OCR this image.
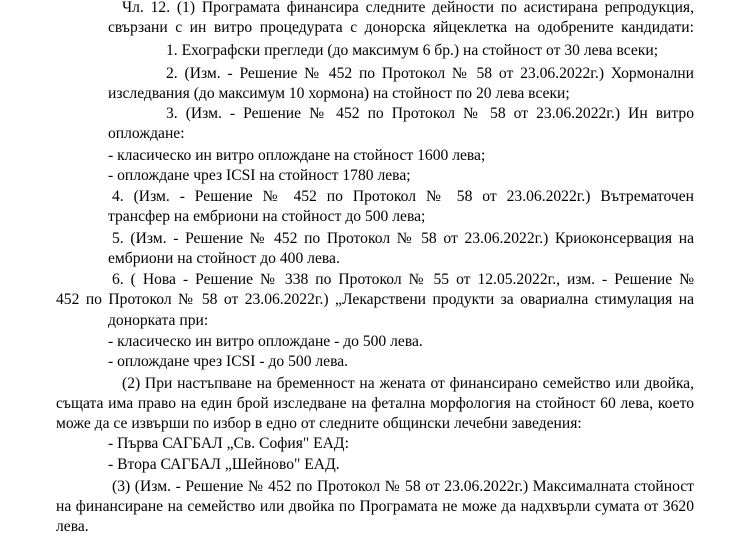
Чл. 12. (1) Програмата финансира следните дейности по асистирана репродукция,
свързани с ин витро процедурата с донорска яйцеклетка на одобрените кандидати:
1. Ехографски прегледи (до максимум 6 бр.) на стойност от 30 лева всеки;
2. (Изм. - Решение № 452 по Протокол № 58 от 23.06.2022г.) Хормонални
изследвания (до максимум 10 хормона) на стойност по 20 лева всеки;
3. (Изм. - Решение № 452 по Протокол № 58 от 23.06.2022г.) Ин витро
оплождане:
- класическо ин витро оплождане на стойност 1600 лева;
- оплождане чрез ICSI на стойност 1780 лева;
4. (Изм. - Решение № 452 по Протокол № 58 от 23.06.2022г.) Вътрематочен
трансфер на ембриони на стойност до 500 лева;
5. (Изм. - Решение № 452 по Протокол № 58 от 23.06.2022г.) Криоконсервация на
ембриони на стойност до 400 лева.
6. ( Нова - Решение № 338 по Протокол № 55 от 12.05.2022г., изм. - Решение №
452 по Протокол № 58 от 23.06.2022г.) „Лекарствени продукти за овариална стимулация на
донорката при:
- класическо ин витро оплождане - до 500 лева.
- оплождане чрез ICSI - до 500 лева.
(2) При настъпване на бременност на жената от финансирано семейство или двойка,
същата има право на един брой изследване на фетална морфология на стойност 60 лева, което
може да се извърши по избор в едно от следните общински лечебни заведения:
- Първа САГБАЛ „Св. София" ЕАД:
- Втора САГБАЛ „Шейново" ЕАД.
(3) (Изм. - Решение № 452 по Протокол № 58 от 23.06.2022г.) Максималната стойност
на финансиране на семейство или двойка по Програмата не може да надхвърли сумата от 3620
лева.
